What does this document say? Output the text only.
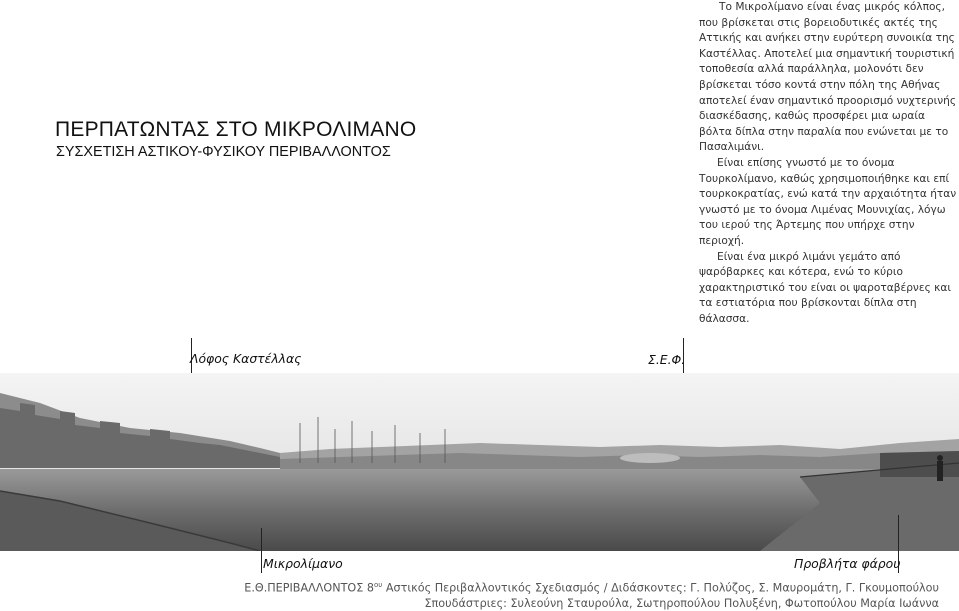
ΠΕΡΠΑΤΩΝΤΑΣ ΣΤΟ ΜΙΚΡΟΛΙΜΑΝΟ
ΣΥΣΧΕΤΙΣΗ ΑΣΤΙΚΟΥ-ΦΥΣΙΚΟΥ ΠΕΡΙΒΑΛΛΟΝΤΟΣ

Το Μικρολίμανο είναι ένας μικρός κόλπος, που βρίσκεται στις βορειοδυτικές ακτές της Αττικής και ανήκει στην ευρύτερη συνοικία της Καστέλλας. Αποτελεί μια σημαντική τουριστική τοποθεσία αλλά παράλληλα, μολονότι δεν βρίσκεται τόσο κοντά στην πόλη της Αθήνας αποτελεί έναν σημαντικό προορισμό νυχτερινής διασκέδασης, καθώς προσφέρει μια ωραία βόλτα δίπλα στην παραλία που ενώνεται με το Πασαλιμάνι.

Είναι επίσης γνωστό με το όνομα Τουρκολίμανο, καθώς χρησιμοποιήθηκε και επί τουρκοκρατίας, ενώ κατά την αρχαιότητα ήταν γνωστό με το όνομα Λιμένας Μουνιχίας, λόγω του ιερού της Άρτεμης που υπήρχε στην περιοχή.

Είναι ένα μικρό λιμάνι γεμάτο από ψαρόβαρκες και κότερα, ενώ το κύριο χαρακτηριστικό του είναι οι ψαροταβέρνες και τα εστιατόρια που βρίσκονται δίπλα στη θάλασσα.

Λόφος Καστέλλας	Σ.Ε.Φ.
Μικρολίμανο	Προβλήτα φάρου
Ε.Θ.ΠΕΡΙΒΑΛΛΟΝΤΟΣ $8^{o\upsilon}$ Αστικός Περιβαλλοντικός Σχεδιασμός / Διδάσκοντες: Γ. Πολύζος, Σ. Μαυρομάτη, Γ. Γκουμοπούλου
Σπουδάστριες: Συλεούνη Σταυρούλα, Σωτηροπούλου Πολυξένη, Φωτοπούλου Μαρία Ιωάννα
